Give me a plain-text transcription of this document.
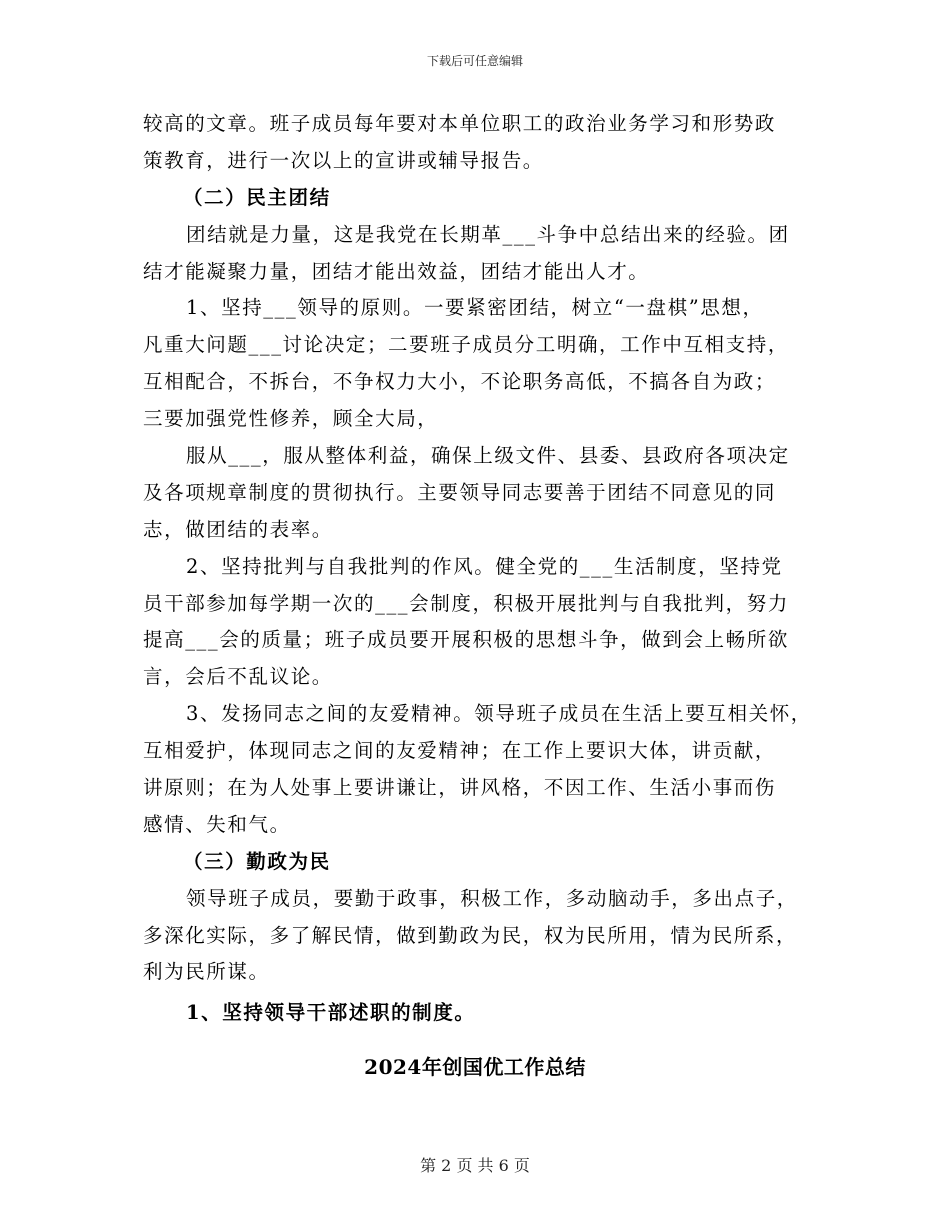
下载后可任意编辑
较高的文章。班子成员每年要对本单位职工的政治业务学习和形势政
策教育，进行一次以上的宣讲或辅导报告。
（二）民主团结
团结就是力量，这是我党在长期革___斗争中总结出来的经验。团
结才能凝聚力量，团结才能出效益，团结才能出人才。
1、坚持___领导的原则。一要紧密团结，树立“一盘棋”思想，
凡重大问题___讨论决定；二要班子成员分工明确，工作中互相支持，
互相配合，不拆台，不争权力大小，不论职务高低，不搞各自为政；
三要加强党性修养，顾全大局，
服从___，服从整体利益，确保上级文件、县委、县政府各项决定
及各项规章制度的贯彻执行。主要领导同志要善于团结不同意见的同
志，做团结的表率。
2、坚持批判与自我批判的作风。健全党的___生活制度，坚持党
员干部参加每学期一次的___会制度，积极开展批判与自我批判，努力
提高___会的质量；班子成员要开展积极的思想斗争，做到会上畅所欲
言，会后不乱议论。
3、发扬同志之间的友爱精神。领导班子成员在生活上要互相关怀，
互相爱护，体现同志之间的友爱精神；在工作上要识大体，讲贡献，
讲原则；在为人处事上要讲谦让，讲风格，不因工作、生活小事而伤
感情、失和气。
（三）勤政为民
领导班子成员，要勤于政事，积极工作，多动脑动手，多出点子，
多深化实际，多了解民情，做到勤政为民，权为民所用，情为民所系，
利为民所谋。
1、坚持领导干部述职的制度。
2024年创国优工作总结
第 2 页 共 6 页
